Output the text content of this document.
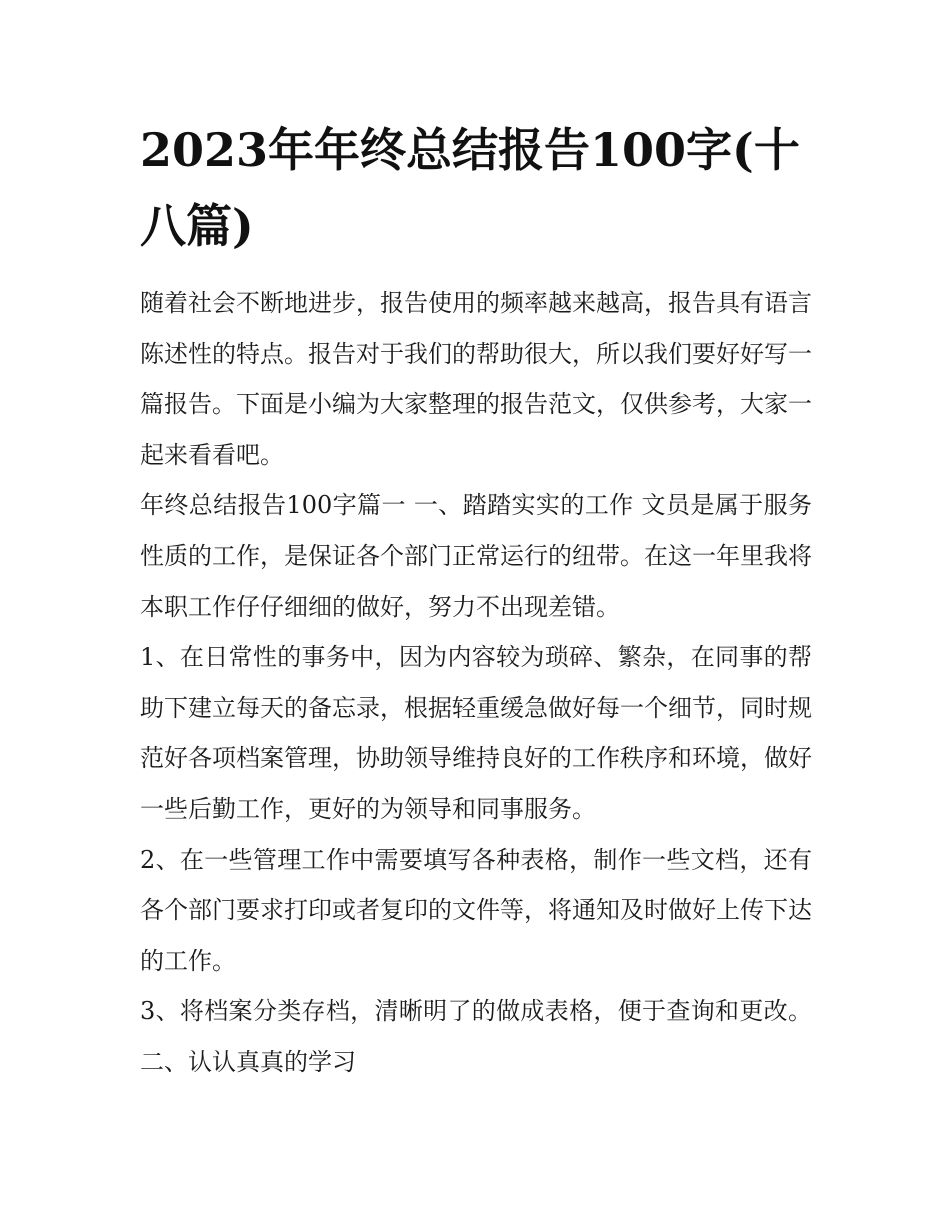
2023年年终总结报告100字(十八篇)

随着社会不断地进步，报告使用的频率越来越高，报告具有语言陈述性的特点。报告对于我们的帮助很大，所以我们要好好写一篇报告。下面是小编为大家整理的报告范文，仅供参考，大家一起来看看吧。

年终总结报告100字篇一 一、踏踏实实的工作 文员是属于服务性质的工作，是保证各个部门正常运行的纽带。在这一年里我将本职工作仔仔细细的做好，努力不出现差错。

1、在日常性的事务中，因为内容较为琐碎、繁杂，在同事的帮助下建立每天的备忘录，根据轻重缓急做好每一个细节，同时规范好各项档案管理，协助领导维持良好的工作秩序和环境，做好一些后勤工作，更好的为领导和同事服务。

2、在一些管理工作中需要填写各种表格，制作一些文档，还有各个部门要求打印或者复印的文件等，将通知及时做好上传下达的工作。

3、将档案分类存档，清晰明了的做成表格，便于查询和更改。 二、认认真真的学习
